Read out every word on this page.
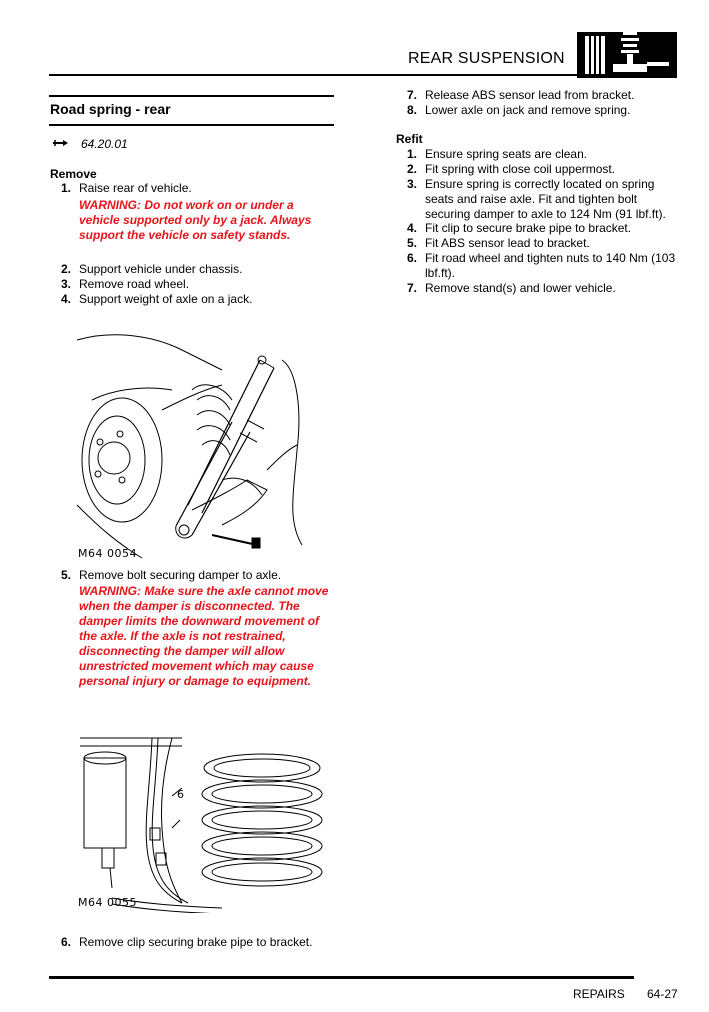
REAR SUSPENSION
Road spring - rear
64.20.01
Remove
1. Raise rear of vehicle.
WARNING: Do not work on or under a
vehicle supported only by a jack. Always
support the vehicle on safety stands.
2. Support vehicle under chassis.
3. Remove road wheel.
4. Support weight of axle on a jack.
M64 0054
5. Remove bolt securing damper to axle.
WARNING: Make sure the axle cannot move
when the damper is disconnected. The
damper limits the downward movement of
the axle. If the axle is not restrained,
disconnecting the damper will allow
unrestricted movement which may cause
personal injury or damage to equipment.
6
M64 0055
6. Remove clip securing brake pipe to bracket.
7. Release ABS sensor lead from bracket.
8. Lower axle on jack and remove spring.
Refit
1. Ensure spring seats are clean.
2. Fit spring with close coil uppermost.
3. Ensure spring is correctly located on spring
seats and raise axle. Fit and tighten bolt
securing damper to axle to 124 Nm (91 lbf.ft).
4. Fit clip to secure brake pipe to bracket.
5. Fit ABS sensor lead to bracket.
6. Fit road wheel and tighten nuts to 140 Nm (103
lbf.ft).
7. Remove stand(s) and lower vehicle.
REPAIRS 64-27
